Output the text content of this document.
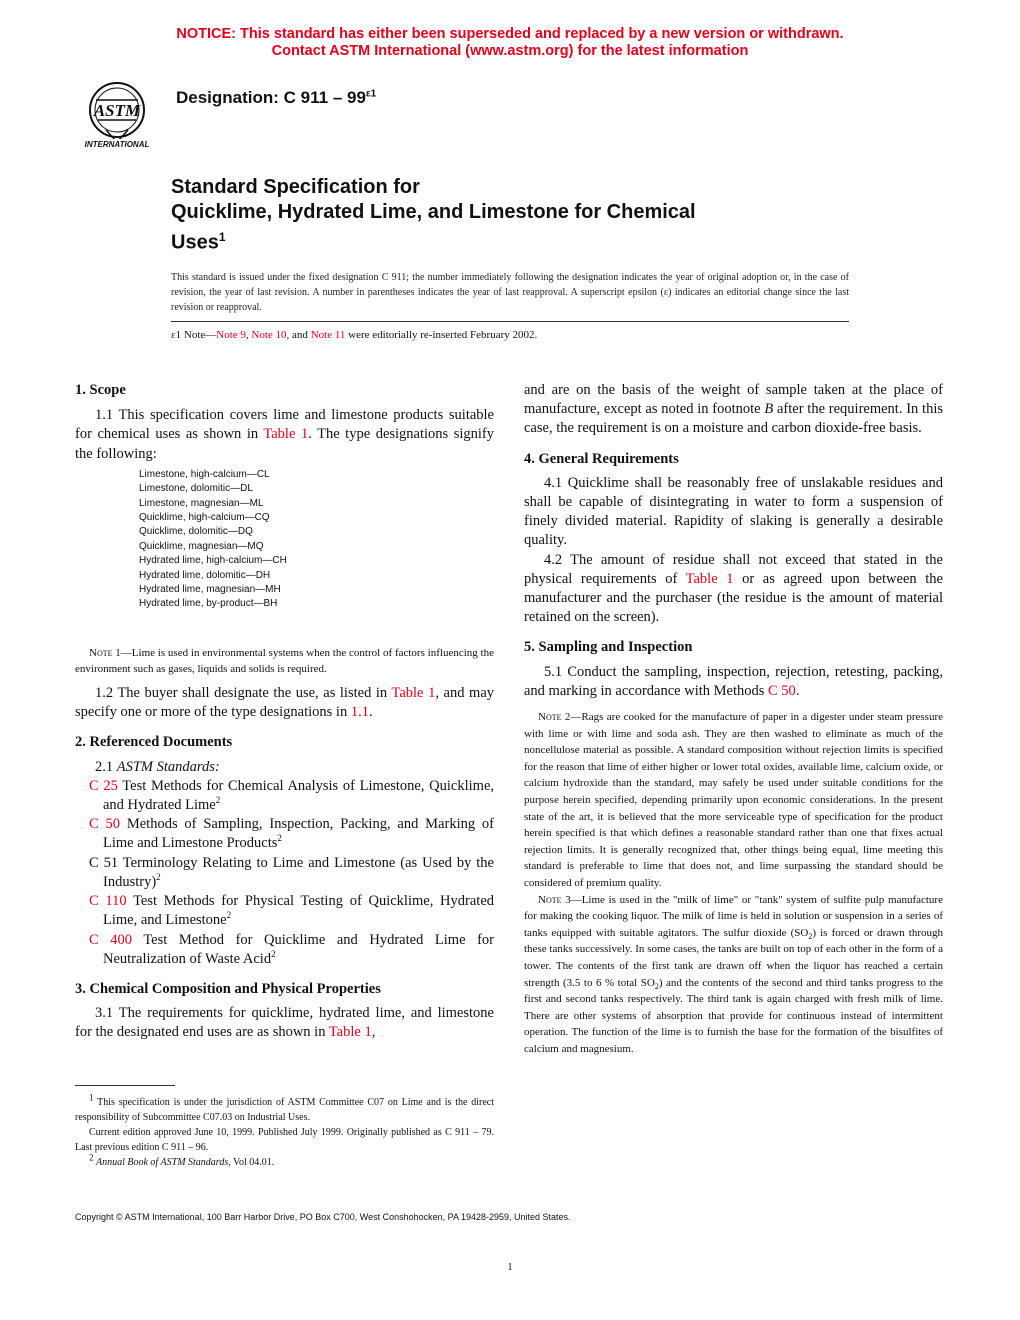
NOTICE: This standard has either been superseded and replaced by a new version or withdrawn.
Contact ASTM International (www.astm.org) for the latest information
ASTM
INTERNATIONAL
Designation: C $911 - 99^{\varepsilon 1}$
Standard Specification for
Quicklime, Hydrated Lime, and Limestone for Chemical
Uses$^1$
This standard is issued under the fixed designation C 911; the number immediately following the designation indicates the year of original adoption or, in the case of revision, the year of last revision. A number in parentheses indicates the year of last reapproval. A superscript epsilon (ε) indicates an editorial change since the last revision or reapproval.
ε1 Note—Note 9, Note 10, and Note 11 were editorially re-inserted February 2002.

1. Scope

1.1 This specification covers lime and limestone products suitable for chemical uses as shown in Table 1. The type designations signify the following:

Limestone, high-calcium—CL
Limestone, dolomitic—DL
Limestone, magnesian—ML
Quicklime, high-calcium—CQ
Quicklime, dolomitic—DQ
Quicklime, magnesian—MQ
Hydrated lime, high-calcium—CH
Hydrated lime, dolomitic—DH
Hydrated lime, magnesian—MH
Hydrated lime, by-product—BH

Note 1—Lime is used in environmental systems when the control of factors influencing the environment such as gases, liquids and solids is required.

1.2 The buyer shall designate the use, as listed in Table 1, and may specify one or more of the type designations in 1.1.

2. Referenced Documents

2.1 ASTM Standards:

C 25 Test Methods for Chemical Analysis of Limestone, Quicklime, and Hydrated Lime$^2$

C 50 Methods of Sampling, Inspection, Packing, and Marking of Lime and Limestone Products$^2$

C 51 Terminology Relating to Lime and Limestone (as Used by the Industry)$^2$

C 110 Test Methods for Physical Testing of Quicklime, Hydrated Lime, and Limestone$^2$

C 400 Test Method for Quicklime and Hydrated Lime for Neutralization of Waste Acid$^2$

3. Chemical Composition and Physical Properties

3.1 The requirements for quicklime, hydrated lime, and limestone for the designated end uses are as shown in Table 1,

$^1$ This specification is under the jurisdiction of ASTM Committee C07 on Lime and is the direct responsibility of Subcommittee C07.03 on Industrial Uses.

Current edition approved June 10, 1999. Published July 1999. Originally published as C 911 – 79. Last previous edition C 911 – 96.

$^2$ Annual Book of ASTM Standards, Vol 04.01.

and are on the basis of the weight of sample taken at the place of manufacture, except as noted in footnote B after the requirement. In this case, the requirement is on a moisture and carbon dioxide-free basis.

4. General Requirements

4.1 Quicklime shall be reasonably free of unslakable residues and shall be capable of disintegrating in water to form a suspension of finely divided material. Rapidity of slaking is generally a desirable quality.

4.2 The amount of residue shall not exceed that stated in the physical requirements of Table 1 or as agreed upon between the manufacturer and the purchaser (the residue is the amount of material retained on the screen).

5. Sampling and Inspection

5.1 Conduct the sampling, inspection, rejection, retesting, packing, and marking in accordance with Methods C 50.

Note 2—Rags are cooked for the manufacture of paper in a digester under steam pressure with lime or with lime and soda ash. They are then washed to eliminate as much of the noncellulose material as possible. A standard composition without rejection limits is specified for the reason that lime of either higher or lower total oxides, available lime, calcium oxide, or calcium hydroxide than the standard, may safely be used under suitable conditions for the purpose herein specified, depending primarily upon economic considerations. In the present state of the art, it is believed that the more serviceable type of specification for the product herein specified is that which defines a reasonable standard rather than one that fixes actual rejection limits. It is generally recognized that, other things being equal, lime meeting this standard is preferable to lime that does not, and lime surpassing the standard should be considered of premium quality.

Note 3—Lime is used in the "milk of lime" or "tank" system of sulfite pulp manufacture for making the cooking liquor. The milk of lime is held in solution or suspension in a series of tanks equipped with suitable agitators. The sulfur dioxide $(SO_2)$ is forced or drawn through these tanks successively. In some cases, the tanks are built on top of each other in the form of a tower. The contents of the first tank are drawn off when the liquor has reached a certain strength (3.5 to 6 % total $SO_2$) and the contents of the second and third tanks progress to the first and second tanks respectively. The third tank is again charged with fresh milk of lime. There are other systems of absorption that provide for continuous instead of intermittent operation. The function of the lime is to furnish the base for the formation of the bisulfites of calcium and magnesium.

Copyright © ASTM International, 100 Barr Harbor Drive, PO Box C700, West Conshohocken, PA 19428-2959, United States.
1
